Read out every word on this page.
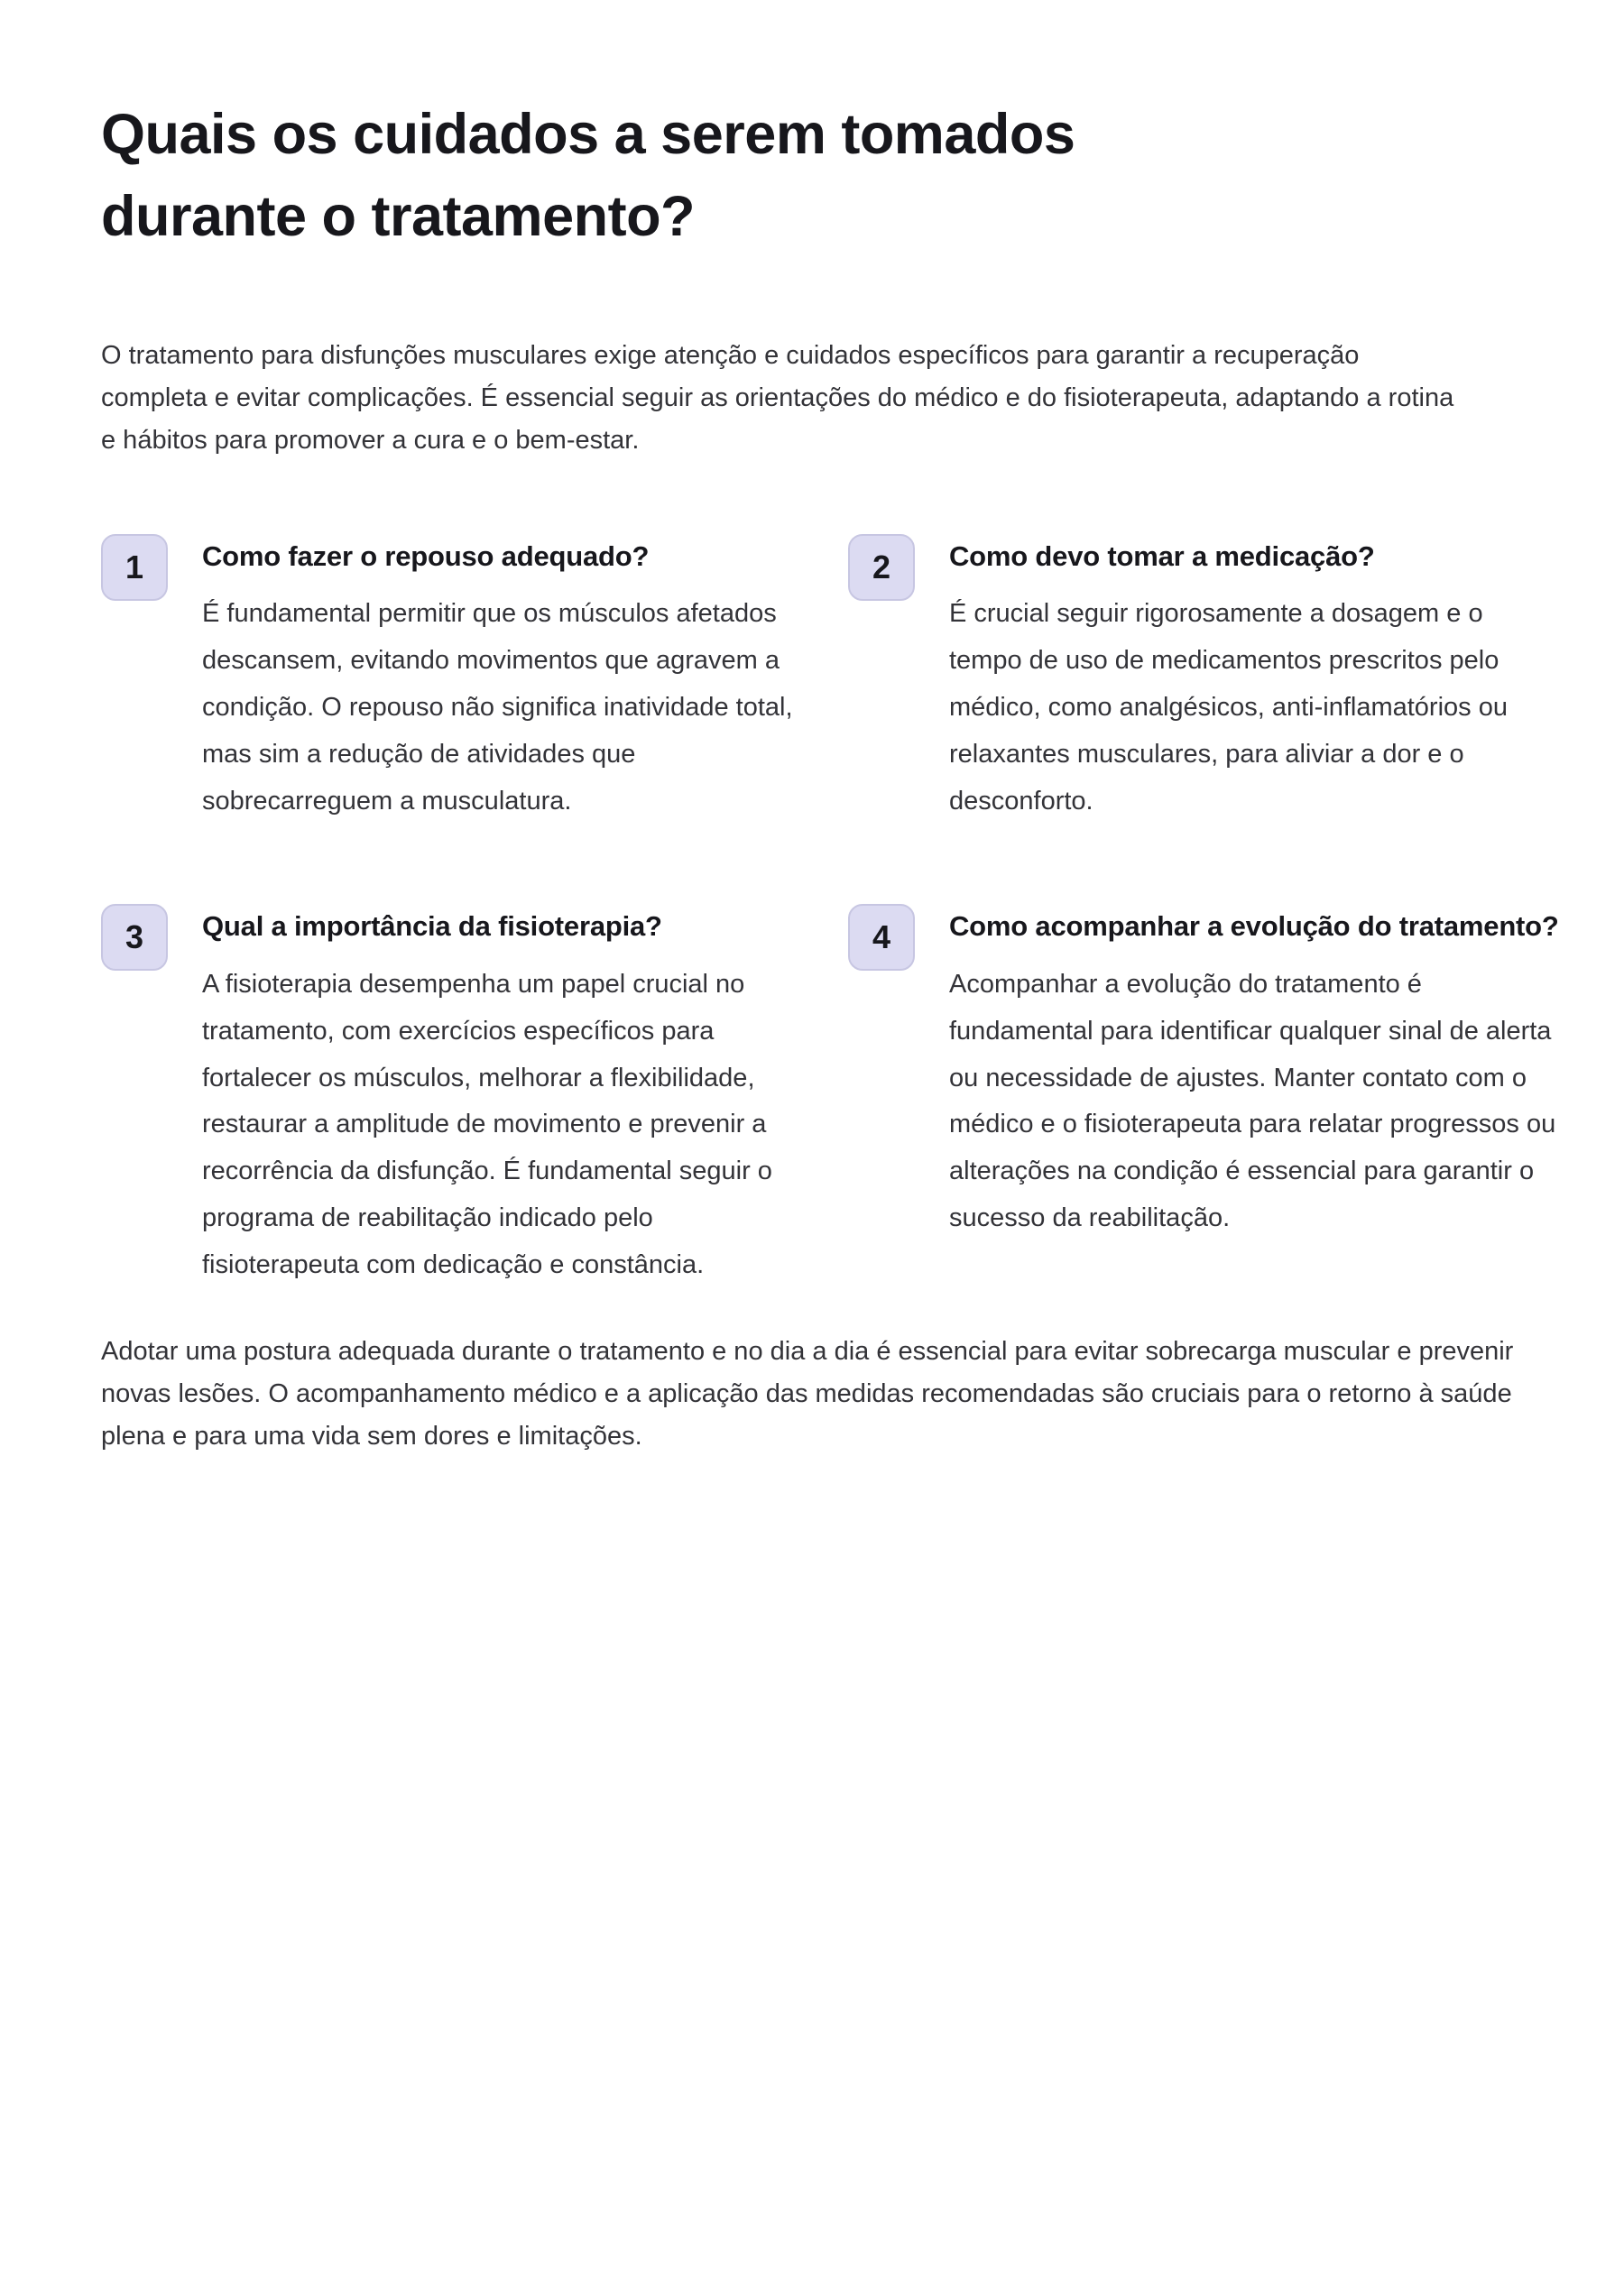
Quais os cuidados a serem tomados durante o tratamento?

O tratamento para disfunções musculares exige atenção e cuidados específicos para garantir a recuperação completa e evitar complicações. É essencial seguir as orientações do médico e do fisioterapeuta, adaptando a rotina e hábitos para promover a cura e o bem-estar.

1 Como fazer o repouso adequado?

É fundamental permitir que os músculos afetados descansem, evitando movimentos que agravem a condição. O repouso não significa inatividade total, mas sim a redução de atividades que sobrecarreguem a musculatura.

2 Como devo tomar a medicação?

É crucial seguir rigorosamente a dosagem e o tempo de uso de medicamentos prescritos pelo médico, como analgésicos, anti-inflamatórios ou relaxantes musculares, para aliviar a dor e o desconforto.

3 Qual a importância da fisioterapia?

A fisioterapia desempenha um papel crucial no tratamento, com exercícios específicos para fortalecer os músculos, melhorar a flexibilidade, restaurar a amplitude de movimento e prevenir a recorrência da disfunção. É fundamental seguir o programa de reabilitação indicado pelo fisioterapeuta com dedicação e constância.

4 Como acompanhar a evolução do tratamento?

Acompanhar a evolução do tratamento é fundamental para identificar qualquer sinal de alerta ou necessidade de ajustes. Manter contato com o médico e o fisioterapeuta para relatar progressos ou alterações na condição é essencial para garantir o sucesso da reabilitação.

Adotar uma postura adequada durante o tratamento e no dia a dia é essencial para evitar sobrecarga muscular e prevenir novas lesões. O acompanhamento médico e a aplicação das medidas recomendadas são cruciais para o retorno à saúde plena e para uma vida sem dores e limitações.
